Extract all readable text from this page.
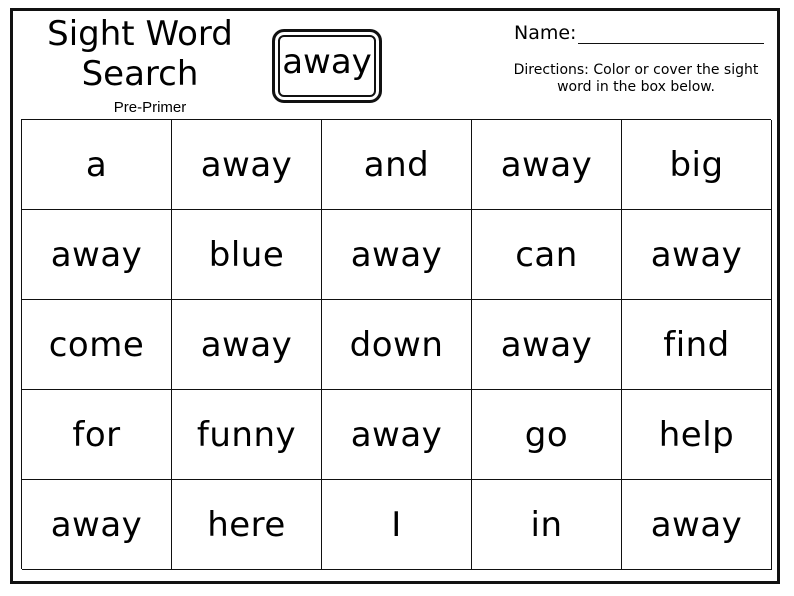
Sight Word
Search
Pre-Primer
away
Name:
Directions: Color or cover the sight word in the box below.
a	away	and	away	big
away	blue	away	can	away
come	away	down	away	find
for	funny	away	go	help
away	here	I	in	away
